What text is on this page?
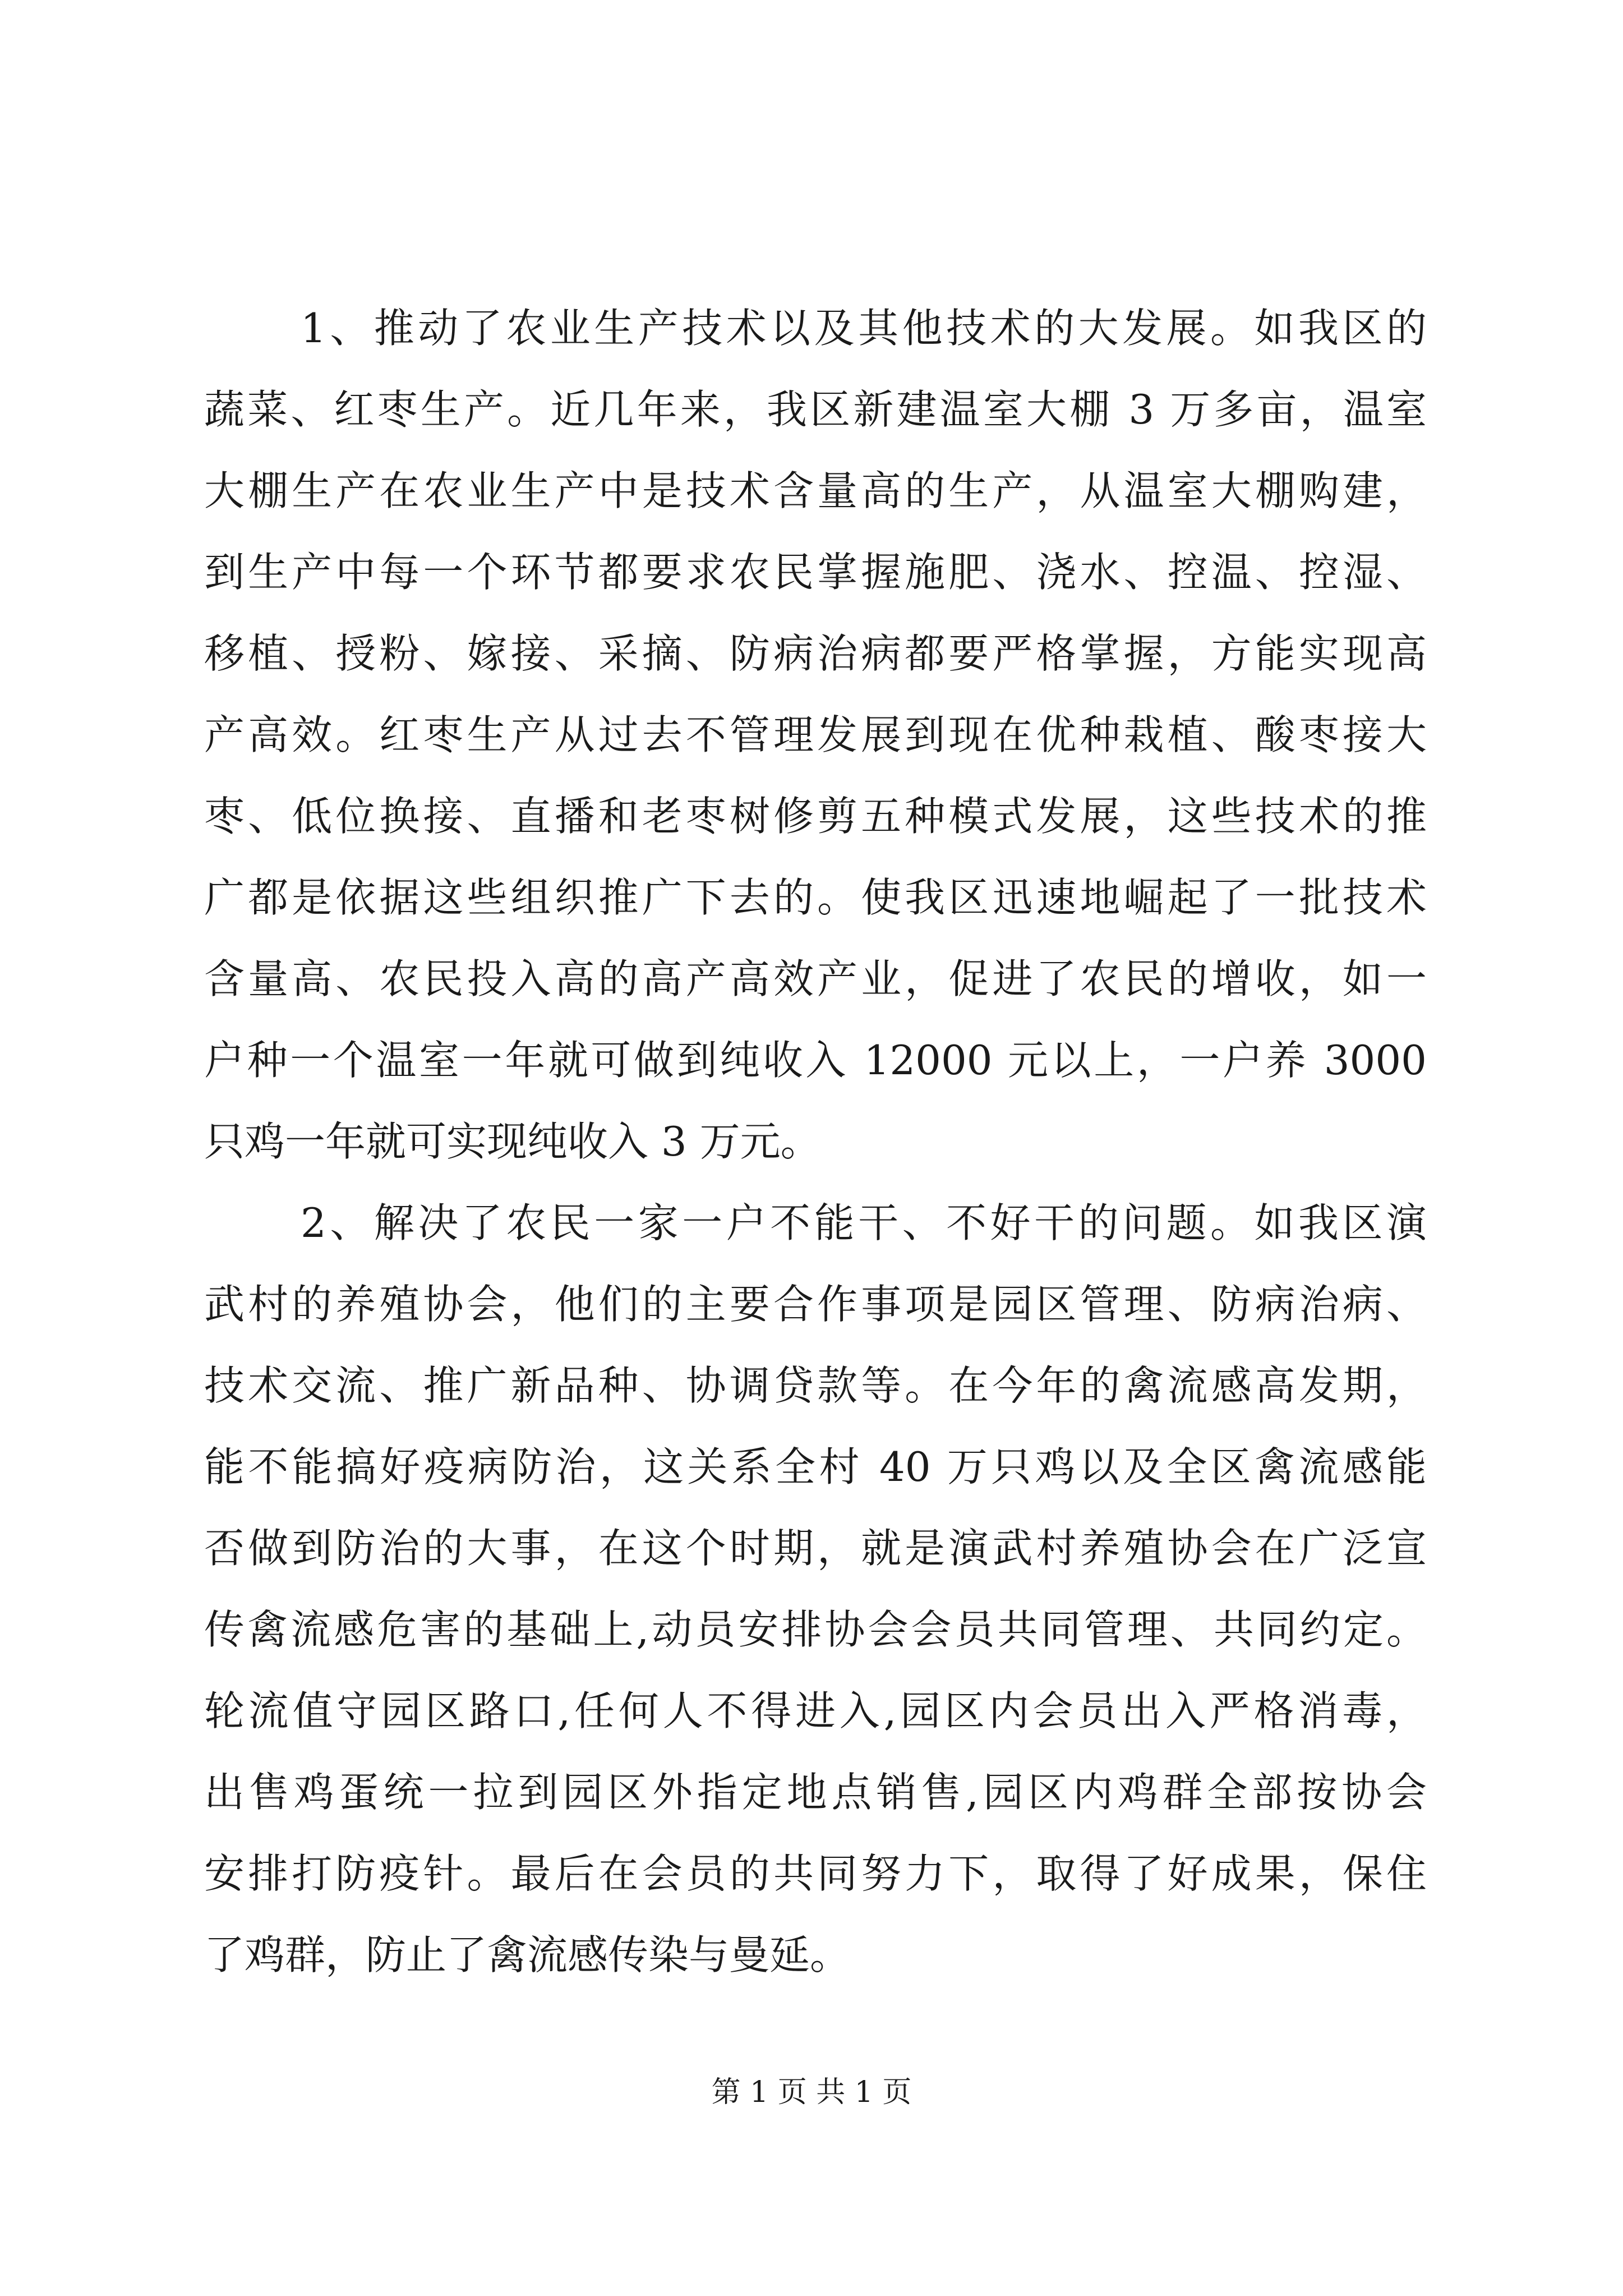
1、推动了农业生产技术以及其他技术的大发展。如我区的
蔬菜、红枣生产。近几年来，我区新建温室大棚 3 万多亩，温室
大棚生产在农业生产中是技术含量高的生产，从温室大棚购建，
到生产中每一个环节都要求农民掌握施肥、浇水、控温、控湿、
移植、授粉、嫁接、采摘、防病治病都要严格掌握，方能实现高
产高效。红枣生产从过去不管理发展到现在优种栽植、酸枣接大
枣、低位换接、直播和老枣树修剪五种模式发展，这些技术的推
广都是依据这些组织推广下去的。使我区迅速地崛起了一批技术
含量高、农民投入高的高产高效产业，促进了农民的增收，如一
户种一个温室一年就可做到纯收入 12000 元以上，一户养 3000
只鸡一年就可实现纯收入 3 万元。
2、解决了农民一家一户不能干、不好干的问题。如我区演
武村的养殖协会，他们的主要合作事项是园区管理、防病治病、
技术交流、推广新品种、协调贷款等。在今年的禽流感高发期，
能不能搞好疫病防治，这关系全村 40 万只鸡以及全区禽流感能
否做到防治的大事，在这个时期，就是演武村养殖协会在广泛宣
传禽流感危害的基础上,动员安排协会会员共同管理、共同约定。
轮流值守园区路口,任何人不得进入,园区内会员出入严格消毒，
出售鸡蛋统一拉到园区外指定地点销售,园区内鸡群全部按协会
安排打防疫针。最后在会员的共同努力下，取得了好成果，保住
了鸡群，防止了禽流感传染与曼延。
第 1 页 共 1 页
